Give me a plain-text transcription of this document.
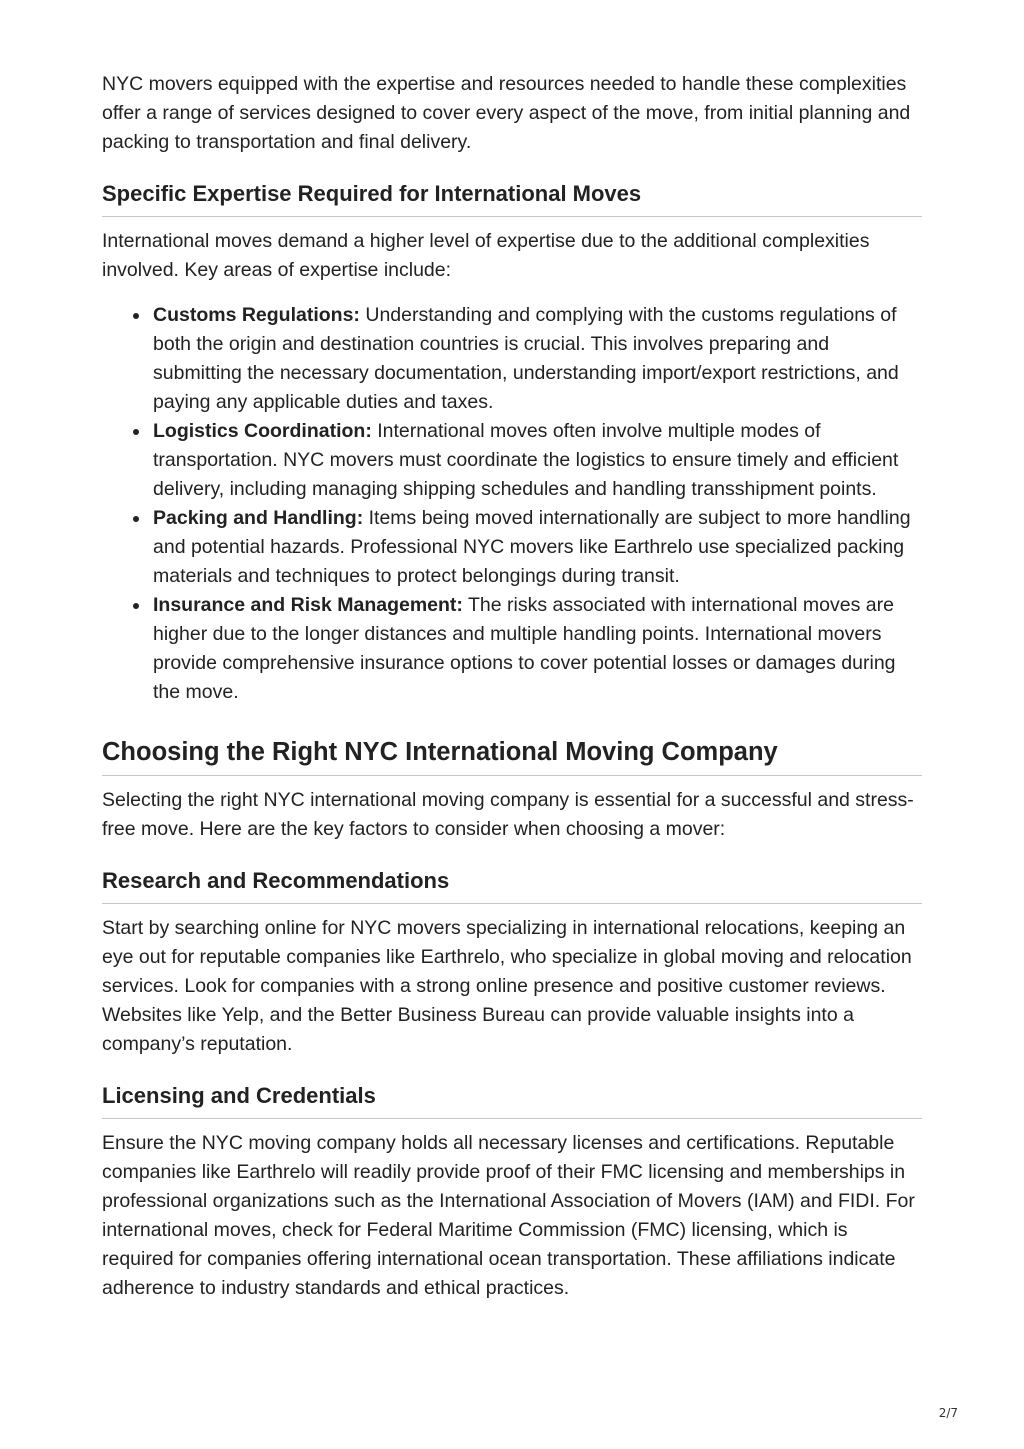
NYC movers equipped with the expertise and resources needed to handle these complexities offer a range of services designed to cover every aspect of the move, from initial planning and packing to transportation and final delivery.

Specific Expertise Required for International Moves

International moves demand a higher level of expertise due to the additional complexities involved. Key areas of expertise include:

Customs Regulations: Understanding and complying with the customs regulations of both the origin and destination countries is crucial. This involves preparing and submitting the necessary documentation, understanding import/export restrictions, and paying any applicable duties and taxes.
Logistics Coordination: International moves often involve multiple modes of transportation. NYC movers must coordinate the logistics to ensure timely and efficient delivery, including managing shipping schedules and handling transshipment points.
Packing and Handling: Items being moved internationally are subject to more handling and potential hazards. Professional NYC movers like Earthrelo use specialized packing materials and techniques to protect belongings during transit.
Insurance and Risk Management: The risks associated with international moves are higher due to the longer distances and multiple handling points. International movers provide comprehensive insurance options to cover potential losses or damages during the move.
Choosing the Right NYC International Moving Company

Selecting the right NYC international moving company is essential for a successful and stress-free move. Here are the key factors to consider when choosing a mover:

Research and Recommendations

Start by searching online for NYC movers specializing in international relocations, keeping an eye out for reputable companies like Earthrelo, who specialize in global moving and relocation services. Look for companies with a strong online presence and positive customer reviews. Websites like Yelp, and the Better Business Bureau can provide valuable insights into a company’s reputation.

Licensing and Credentials

Ensure the NYC moving company holds all necessary licenses and certifications. Reputable companies like Earthrelo will readily provide proof of their FMC licensing and memberships in professional organizations such as the International Association of Movers (IAM) and FIDI. For international moves, check for Federal Maritime Commission (FMC) licensing, which is required for companies offering international ocean transportation. These affiliations indicate adherence to industry standards and ethical practices.

2/7
